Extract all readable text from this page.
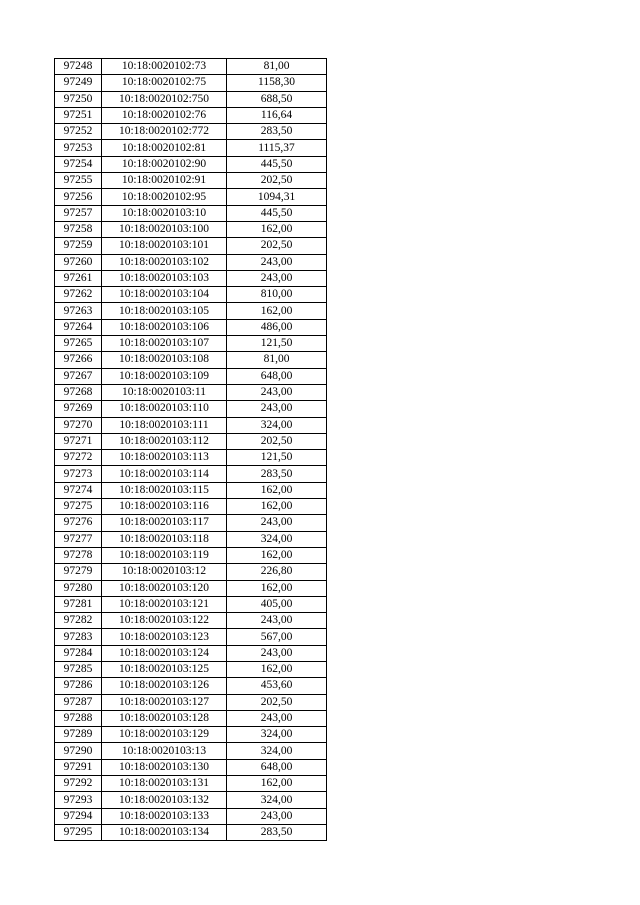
97248	10:18:0020102:73	81,00
97249	10:18:0020102:75	1158,30
97250	10:18:0020102:750	688,50
97251	10:18:0020102:76	116,64
97252	10:18:0020102:772	283,50
97253	10:18:0020102:81	1115,37
97254	10:18:0020102:90	445,50
97255	10:18:0020102:91	202,50
97256	10:18:0020102:95	1094,31
97257	10:18:0020103:10	445,50
97258	10:18:0020103:100	162,00
97259	10:18:0020103:101	202,50
97260	10:18:0020103:102	243,00
97261	10:18:0020103:103	243,00
97262	10:18:0020103:104	810,00
97263	10:18:0020103:105	162,00
97264	10:18:0020103:106	486,00
97265	10:18:0020103:107	121,50
97266	10:18:0020103:108	81,00
97267	10:18:0020103:109	648,00
97268	10:18:0020103:11	243,00
97269	10:18:0020103:110	243,00
97270	10:18:0020103:111	324,00
97271	10:18:0020103:112	202,50
97272	10:18:0020103:113	121,50
97273	10:18:0020103:114	283,50
97274	10:18:0020103:115	162,00
97275	10:18:0020103:116	162,00
97276	10:18:0020103:117	243,00
97277	10:18:0020103:118	324,00
97278	10:18:0020103:119	162,00
97279	10:18:0020103:12	226,80
97280	10:18:0020103:120	162,00
97281	10:18:0020103:121	405,00
97282	10:18:0020103:122	243,00
97283	10:18:0020103:123	567,00
97284	10:18:0020103:124	243,00
97285	10:18:0020103:125	162,00
97286	10:18:0020103:126	453,60
97287	10:18:0020103:127	202,50
97288	10:18:0020103:128	243,00
97289	10:18:0020103:129	324,00
97290	10:18:0020103:13	324,00
97291	10:18:0020103:130	648,00
97292	10:18:0020103:131	162,00
97293	10:18:0020103:132	324,00
97294	10:18:0020103:133	243,00
97295	10:18:0020103:134	283,50
